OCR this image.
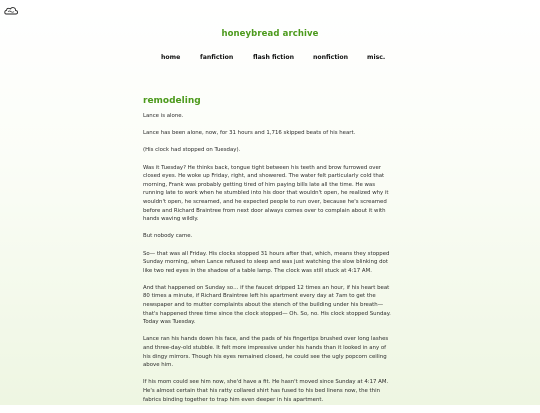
honeybread archive
home	fanfiction	flash fiction	nonfiction	misc.
remodeling

Lance is alone.

Lance has been alone, now, for 31 hours and 1,716 skipped beats of his heart.

(His clock had stopped on Tuesday).

Was it Tuesday? He thinks back, tongue tight between his teeth and brow furrowed over closed eyes. He woke up Friday, right, and showered. The water felt particularly cold that morning, Frank was probably getting tired of him paying bills late all the time. He was running late to work when he stumbled into his door that wouldn't open, he realized why it wouldn't open, he screamed, and he expected people to run over, because he's screamed before and Richard Braintree from next door always comes over to complain about it with hands waving wildly.

But nobody came.

So— that was all Friday. His clocks stopped 31 hours after that, which, means they stopped Sunday morning, when Lance refused to sleep and was just watching the slow blinking dot like two red eyes in the shadow of a table lamp. The clock was still stuck at 4:17 AM.

And that happened on Sunday so… if the faucet dripped 12 times an hour, if his heart beat 80 times a minute, if Richard Braintree left his apartment every day at 7am to get the newspaper and to mutter complaints about the stench of the building under his breath— that's happened three time since the clock stopped— Oh. So, no. His clock stopped Sunday. Today was Tuesday.

Lance ran his hands down his face, and the pads of his fingertips brushed over long lashes and three-day-old stubble. It felt more impressive under his hands than it looked in any of his dingy mirrors. Though his eyes remained closed, he could see the ugly popcorn ceiling above him.

If his mom could see him now, she'd have a fit. He hasn't moved since Sunday at 4:17 AM. He's almost certain that his ratty collared shirt has fused to his bed linens now, the thin fabrics binding together to trap him even deeper in his apartment.
